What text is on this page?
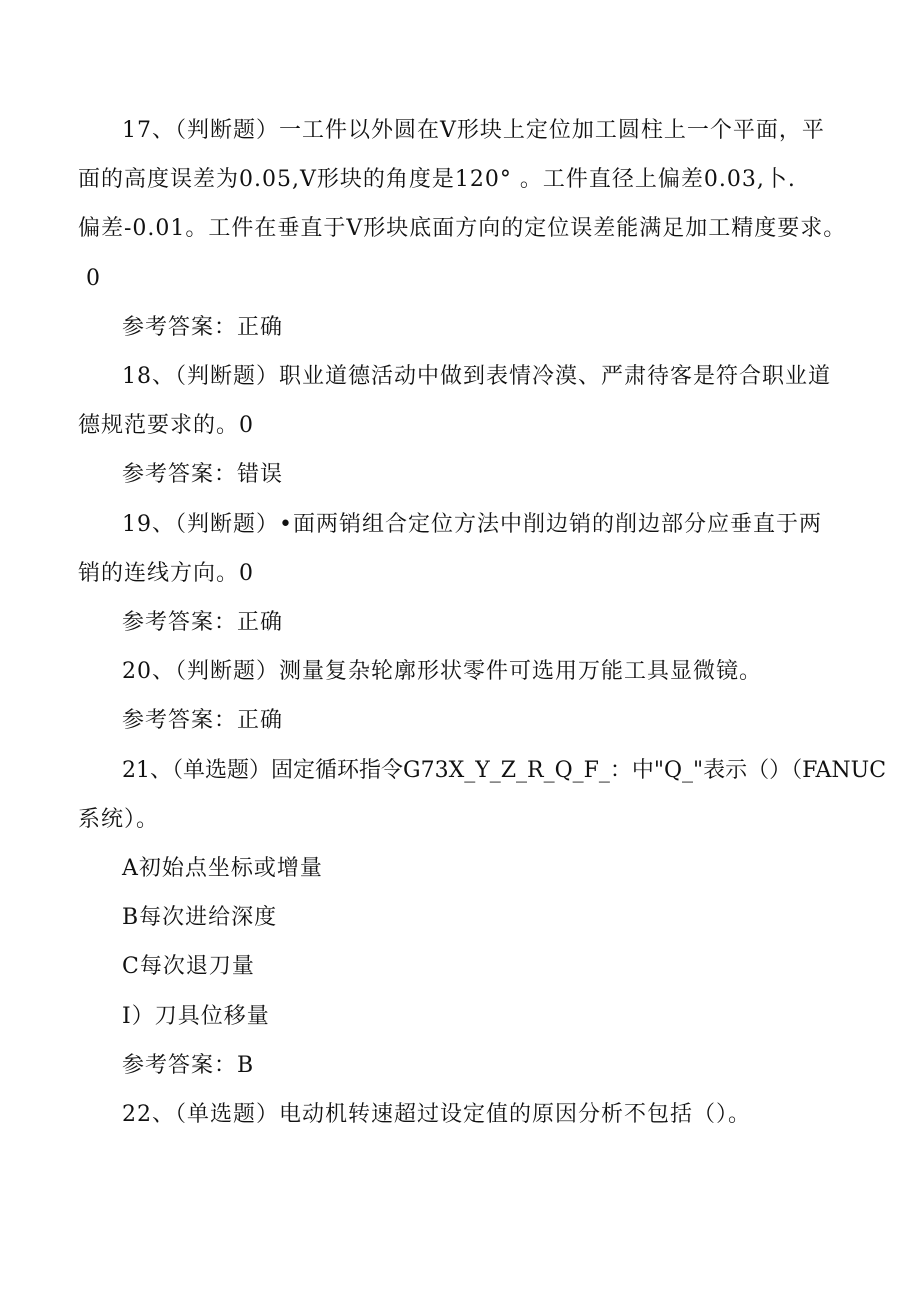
17、（判断题）一工件以外圆在V形块上定位加工圆柱上一个平面，平
面的高度误差为0.05,V形块的角度是120° 。工件直径上偏差0.03,卜.
偏差-0.01。工件在垂直于V形块底面方向的定位误差能满足加工精度要求。
0
参考答案：正确
18、（判断题）职业道德活动中做到表情冷漠、严肃待客是符合职业道
德规范要求的。0
参考答案：错误
19、（判断题）•面两销组合定位方法中削边销的削边部分应垂直于两
销的连线方向。0
参考答案：正确
20、（判断题）测量复杂轮廓形状零件可选用万能工具显微镜。
参考答案：正确
21、（单选题）固定循环指令G73X_Y_Z_R_Q_F_：中"Q_"表示（）（FANUC
系统）。
A初始点坐标或增量
B每次进给深度
C每次退刀量
I）刀具位移量
参考答案：B
22、（单选题）电动机转速超过设定值的原因分析不包括（）。
